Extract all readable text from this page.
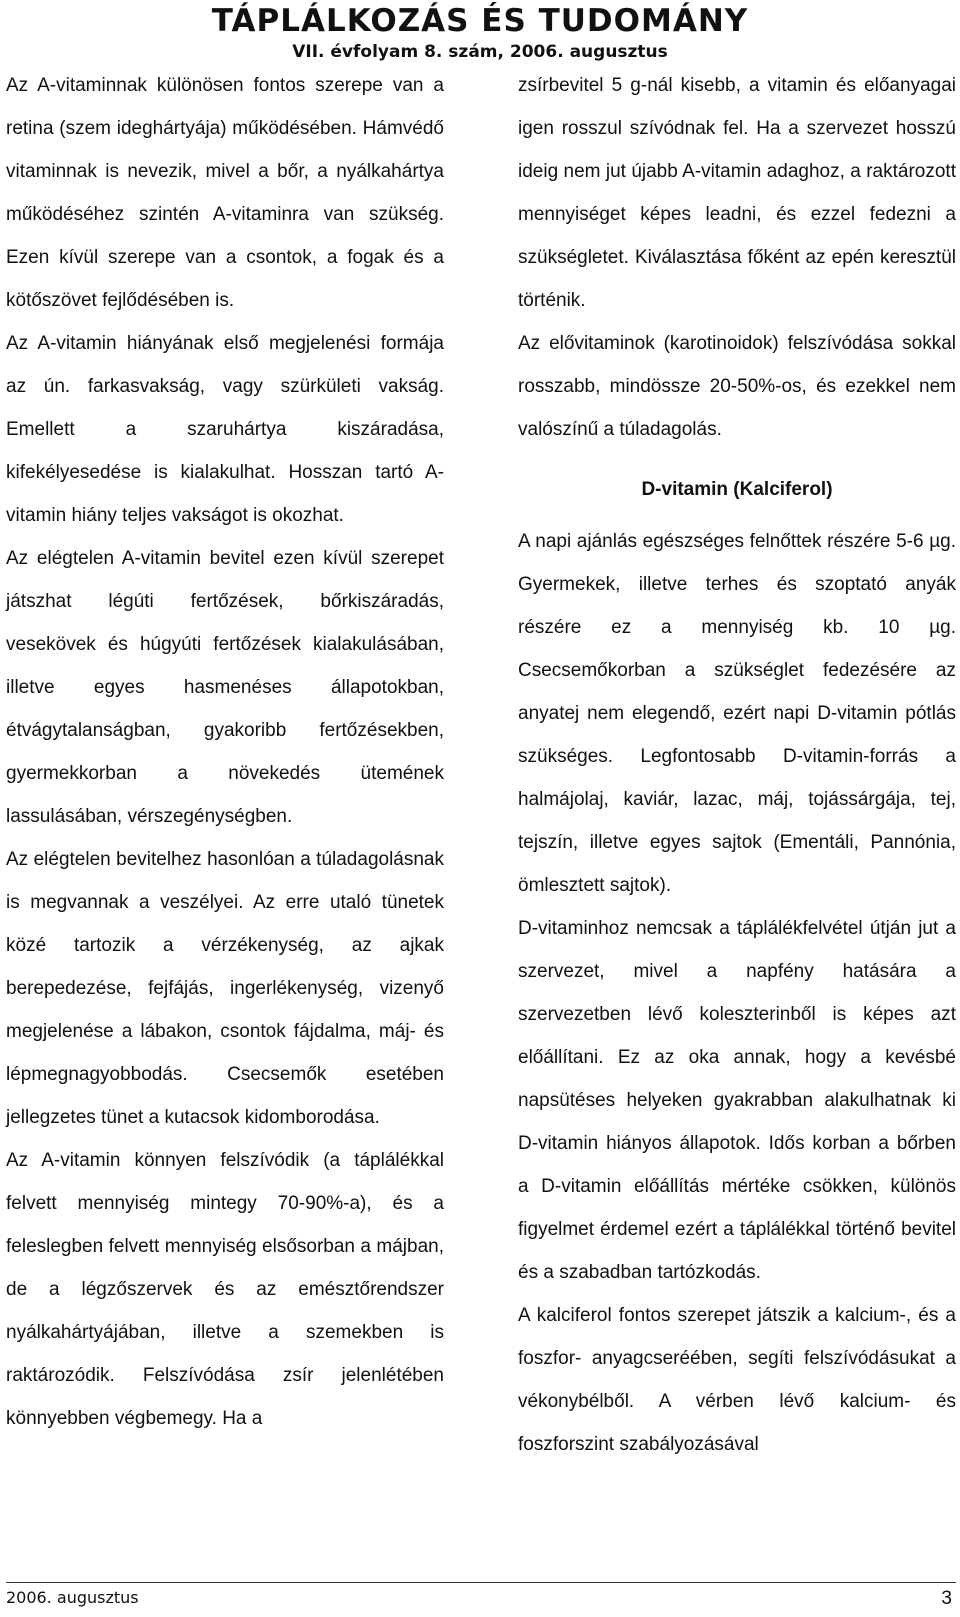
TÁPLÁLKOZÁS ÉS TUDOMÁNY
VII. évfolyam 8. szám, 2006. augusztus

Az A-vitaminnak különösen fontos szerepe van a retina (szem ideghártyája) működésében. Hámvédő vitaminnak is nevezik, mivel a bőr, a nyálkahártya működéséhez szintén A-vitaminra van szükség. Ezen kívül szerepe van a csontok, a fogak és a kötőszövet fejlődésében is.

Az A-vitamin hiányának első megjelenési formája az ún. farkasvakság, vagy szürkületi vakság. Emellett a szaruhártya kiszáradása, kifekélyesedése is kialakulhat. Hosszan tartó A-vitamin hiány teljes vakságot is okozhat.

Az elégtelen A-vitamin bevitel ezen kívül szerepet játszhat légúti fertőzések, bőrkiszáradás, vesekövek és húgyúti fertőzések kialakulásában, illetve egyes hasmenéses állapotokban, étvágytalanságban, gyakoribb fertőzésekben, gyermekkorban a növekedés ütemének lassulásában, vérszegénységben.

Az elégtelen bevitelhez hasonlóan a túladagolásnak is megvannak a veszélyei. Az erre utaló tünetek közé tartozik a vérzékenység, az ajkak berepedezése, fejfájás, ingerlékenység, vizenyő megjelenése a lábakon, csontok fájdalma, máj- és lépmegnagyobbodás. Csecsemők esetében jellegzetes tünet a kutacsok kidomborodása.

Az A-vitamin könnyen felszívódik (a táplálékkal felvett mennyiség mintegy 70-90%-a), és a feleslegben felvett mennyiség elsősorban a májban, de a légzőszervek és az emésztőrendszer nyálkahártyájában, illetve a szemekben is raktározódik. Felszívódása zsír jelenlétében könnyebben végbemegy. Ha a

zsírbevitel 5 g-nál kisebb, a vitamin és előanyagai igen rosszul szívódnak fel. Ha a szervezet hosszú ideig nem jut újabb A-vitamin adaghoz, a raktározott mennyiséget képes leadni, és ezzel fedezni a szükségletet. Kiválasztása főként az epén keresztül történik.

Az elővitaminok (karotinoidok) felszívódása sokkal rosszabb, mindössze 20-50%-os, és ezekkel nem valószínű a túladagolás.

D-vitamin (Kalciferol)

A napi ajánlás egészséges felnőttek részére 5-6 µg. Gyermekek, illetve terhes és szoptató anyák részére ez a mennyiség kb. 10 µg. Csecsemőkorban a szükséglet fedezésére az anyatej nem elegendő, ezért napi D-vitamin pótlás szükséges. Legfontosabb D-vitamin-forrás a halmájolaj, kaviár, lazac, máj, tojássárgája, tej, tejszín, illetve egyes sajtok (Ementáli, Pannónia, ömlesztett sajtok).

D-vitaminhoz nemcsak a táplálékfelvétel útján jut a szervezet, mivel a napfény hatására a szervezetben lévő koleszterinből is képes azt előállítani. Ez az oka annak, hogy a kevésbé napsütéses helyeken gyakrabban alakulhatnak ki D-vitamin hiányos állapotok. Idős korban a bőrben a D-vitamin előállítás mértéke csökken, különös figyelmet érdemel ezért a táplálékkal történő bevitel és a szabadban tartózkodás.

A kalciferol fontos szerepet játszik a kalcium-, és a foszfor- anyagcseréében, segíti felszívódásukat a vékonybélből. A vérben lévő kalcium- és foszforszint szabályozásával

2006. augusztus	3
